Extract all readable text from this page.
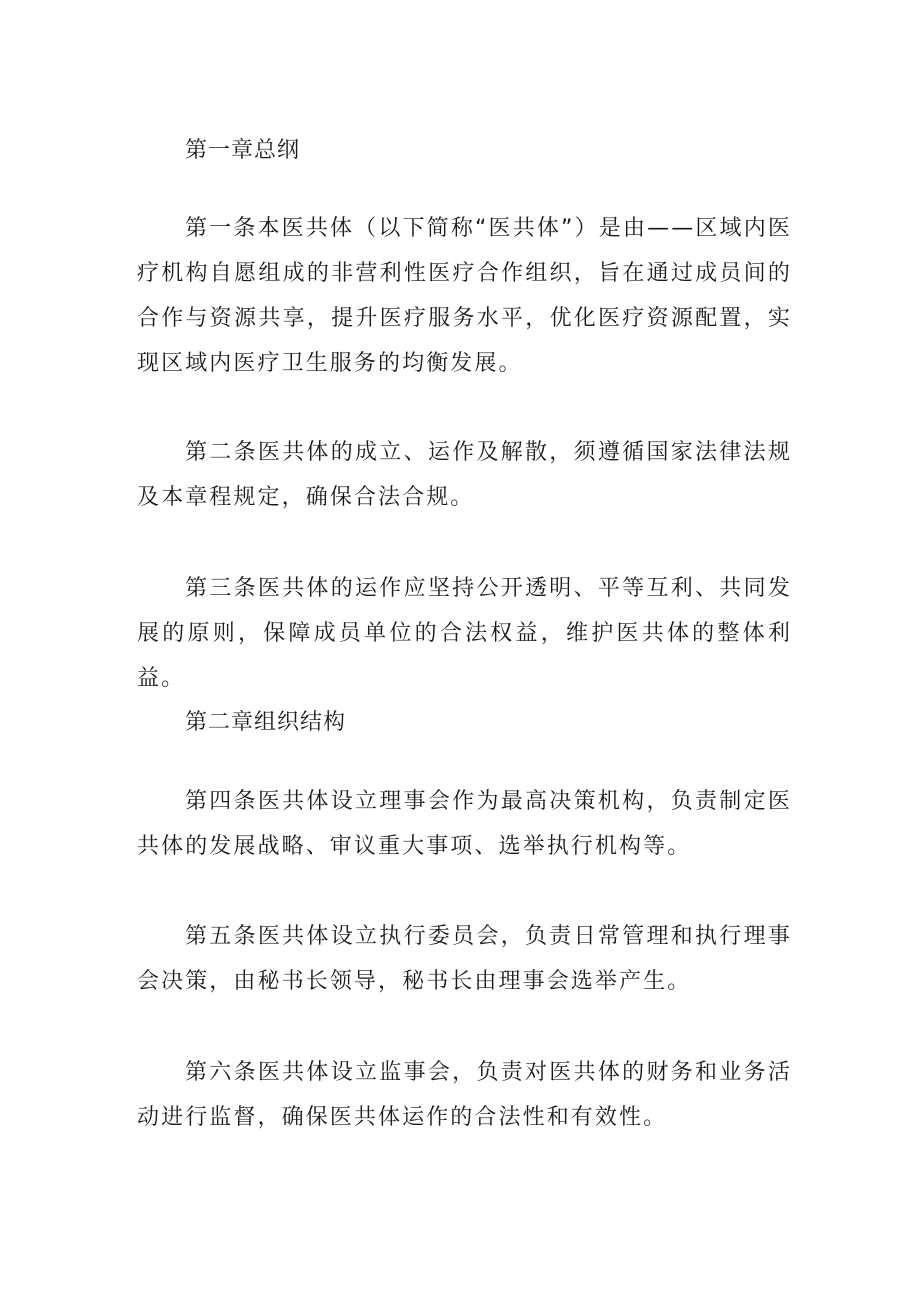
第一章总纲

第一条本医共体（以下简称“医共体”）是由——区域内医疗机构自愿组成的非营利性医疗合作组织，旨在通过成员间的合作与资源共享，提升医疗服务水平，优化医疗资源配置，实现区域内医疗卫生服务的均衡发展。

第二条医共体的成立、运作及解散，须遵循国家法律法规及本章程规定，确保合法合规。

第三条医共体的运作应坚持公开透明、平等互利、共同发展的原则，保障成员单位的合法权益，维护医共体的整体利益。

第二章组织结构

第四条医共体设立理事会作为最高决策机构，负责制定医共体的发展战略、审议重大事项、选举执行机构等。

第五条医共体设立执行委员会，负责日常管理和执行理事会决策，由秘书长领导，秘书长由理事会选举产生。

第六条医共体设立监事会，负责对医共体的财务和业务活动进行监督，确保医共体运作的合法性和有效性。
